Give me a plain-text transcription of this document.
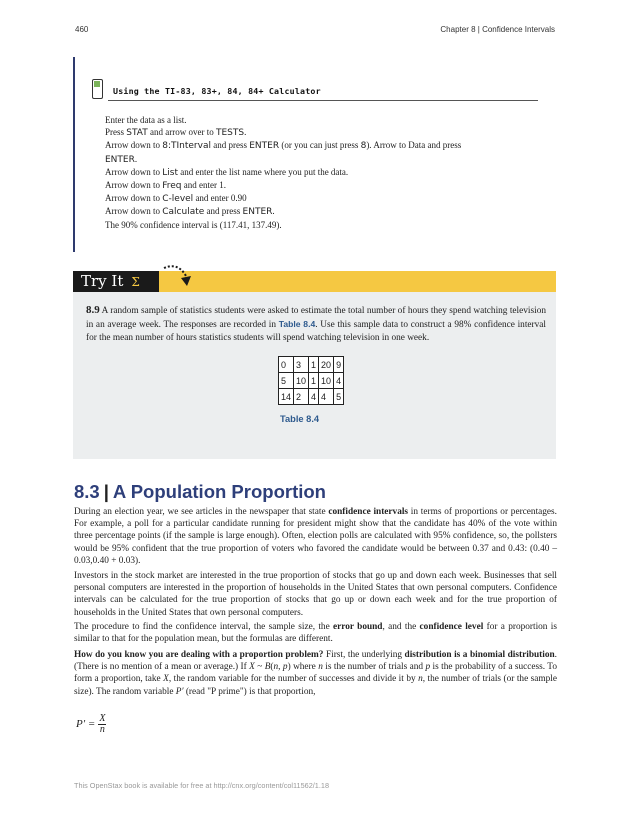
460	Chapter 8 | Confidence Intervals
Using the TI-83, 83+, 84, 84+ Calculator
Enter the data as a list.
Press STAT and arrow over to TESTS.
Arrow down to 8:TInterval and press ENTER (or you can just press 8). Arrow to Data and press
ENTER.
Arrow down to List and enter the list name where you put the data.
Arrow down to Freq and enter 1.
Arrow down to C-level and enter 0.90
Arrow down to Calculate and press ENTER.
The 90% confidence interval is (117.41, 137.49).
Try It Σ
8.9 A random sample of statistics students were asked to estimate the total number of hours they spend watching television in an average week. The responses are recorded in Table 8.4. Use this sample data to construct a 98% confidence interval for the mean number of hours statistics students will spend watching television in one week.
0	3	1	20	9
5	10	1	10	4
14	2	4	4	5
Table 8.4
8.3 | A Population Proportion
During an election year, we see articles in the newspaper that state confidence intervals in terms of proportions or percentages. For example, a poll for a particular candidate running for president might show that the candidate has 40% of the vote within three percentage points (if the sample is large enough). Often, election polls are calculated with 95% confidence, so, the pollsters would be 95% confident that the true proportion of voters who favored the candidate would be between 0.37 and 0.43: (0.40 – 0.03,0.40 + 0.03).
Investors in the stock market are interested in the true proportion of stocks that go up and down each week. Businesses that sell personal computers are interested in the proportion of households in the United States that own personal computers. Confidence intervals can be calculated for the true proportion of stocks that go up or down each week and for the true proportion of households in the United States that own personal computers.
The procedure to find the confidence interval, the sample size, the error bound, and the confidence level for a proportion is similar to that for the population mean, but the formulas are different.
How do you know you are dealing with a proportion problem? First, the underlying distribution is a binomial distribution. (There is no mention of a mean or average.) If X ~ B(n, p) where n is the number of trials and p is the probability of a success. To form a proportion, take X, the random variable for the number of successes and divide it by n, the number of trials (or the sample size). The random variable P′ (read "P prime") is that proportion,
$P' = \frac{X}{n}$
This OpenStax book is available for free at http://cnx.org/content/col11562/1.18
